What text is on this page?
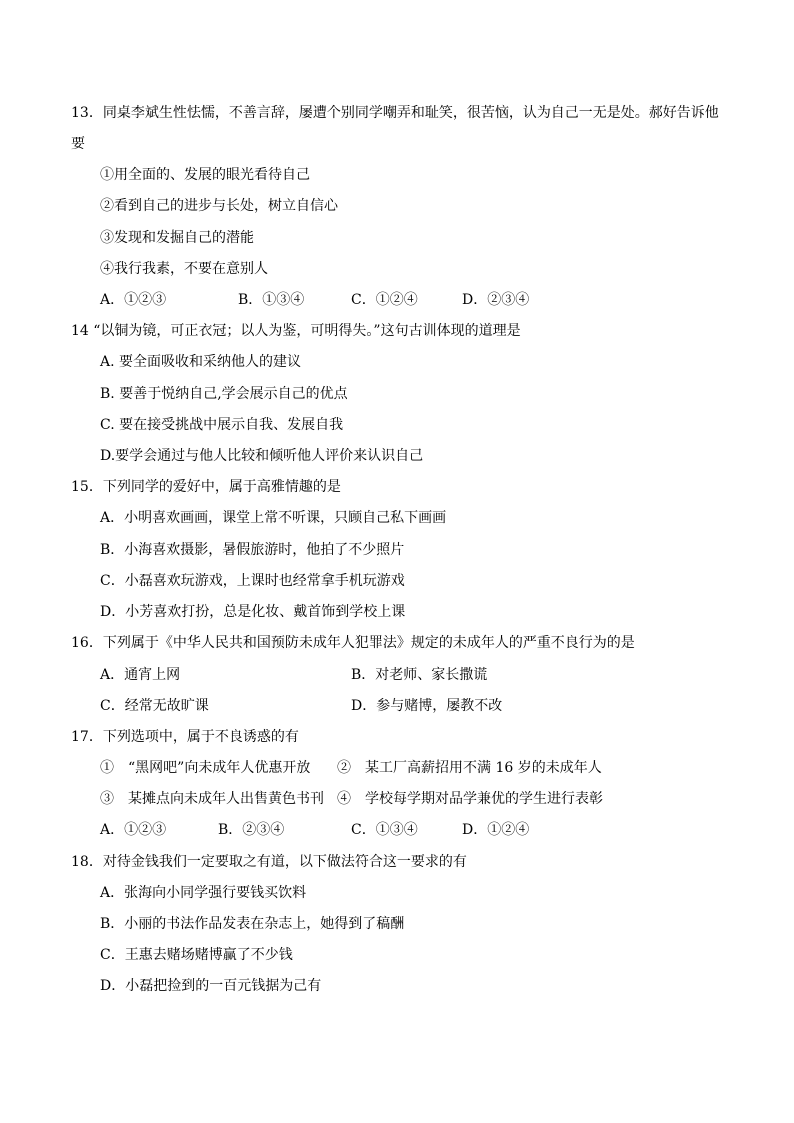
13．同桌李斌生性怯懦，不善言辞，屡遭个别同学嘲弄和耻笑，很苦恼，认为自己一无是处。郝好告诉他
要
①用全面的、发展的眼光看待自己
②看到自己的进步与长处，树立自信心
③发现和发掘自己的潜能
④我行我素，不要在意别人
A．①②③	B．①③④	C．①②④	D．②③④
14 “以铜为镜，可正衣冠；以人为鉴，可明得失。”这句古训体现的道理是
A. 要全面吸收和采纳他人的建议
B. 要善于悦纳自己,学会展示自己的优点
C. 要在接受挑战中展示自我、发展自我
D.要学会通过与他人比较和倾听他人评价来认识自己
15．下列同学的爱好中，属于高雅情趣的是
A．小明喜欢画画，课堂上常不听课，只顾自己私下画画
B．小海喜欢摄影，暑假旅游时，他拍了不少照片
C．小磊喜欢玩游戏，上课时也经常拿手机玩游戏
D．小芳喜欢打扮，总是化妆、戴首饰到学校上课
16．下列属于《中华人民共和国预防未成年人犯罪法》规定的未成年人的严重不良行为的是
A．通宵上网	B．对老师、家长撒谎
C．经常无故旷课	D．参与赌博，屡教不改
17．下列选项中，属于不良诱惑的有
①　“黑网吧”向未成年人优惠开放 ②　某工厂高薪招用不满 16 岁的未成年人
③　某摊点向未成年人出售黄色书刊 ④　学校每学期对品学兼优的学生进行表彰
A．①②③	B．②③④	C．①③④	D．①②④
18．对待金钱我们一定要取之有道，以下做法符合这一要求的有
A．张海向小同学强行要钱买饮料
B．小丽的书法作品发表在杂志上，她得到了稿酬
C．王惠去赌场赌博赢了不少钱
D．小磊把捡到的一百元钱据为己有
